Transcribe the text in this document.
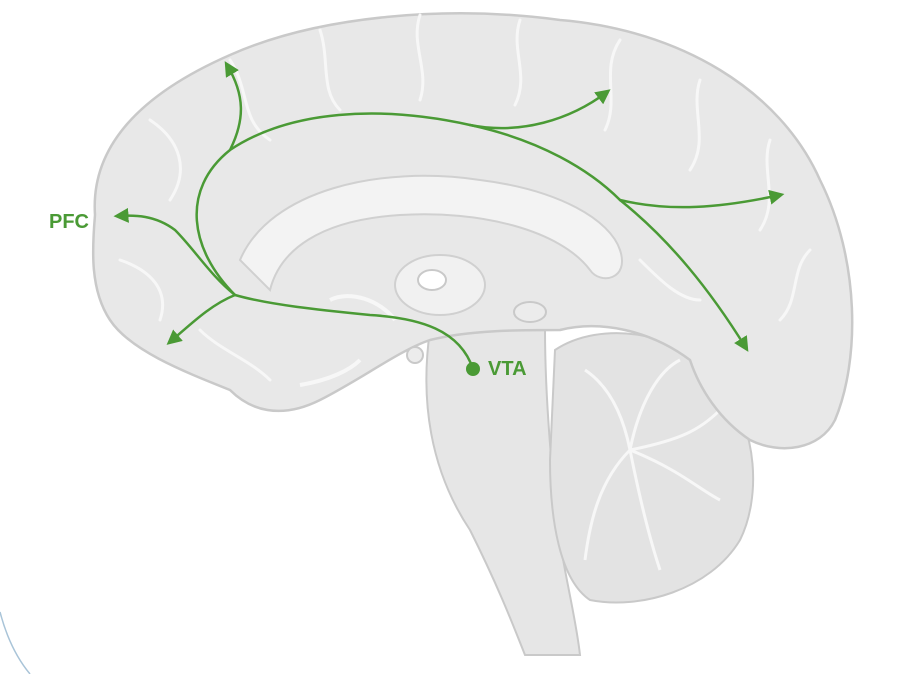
PFC
VTA
